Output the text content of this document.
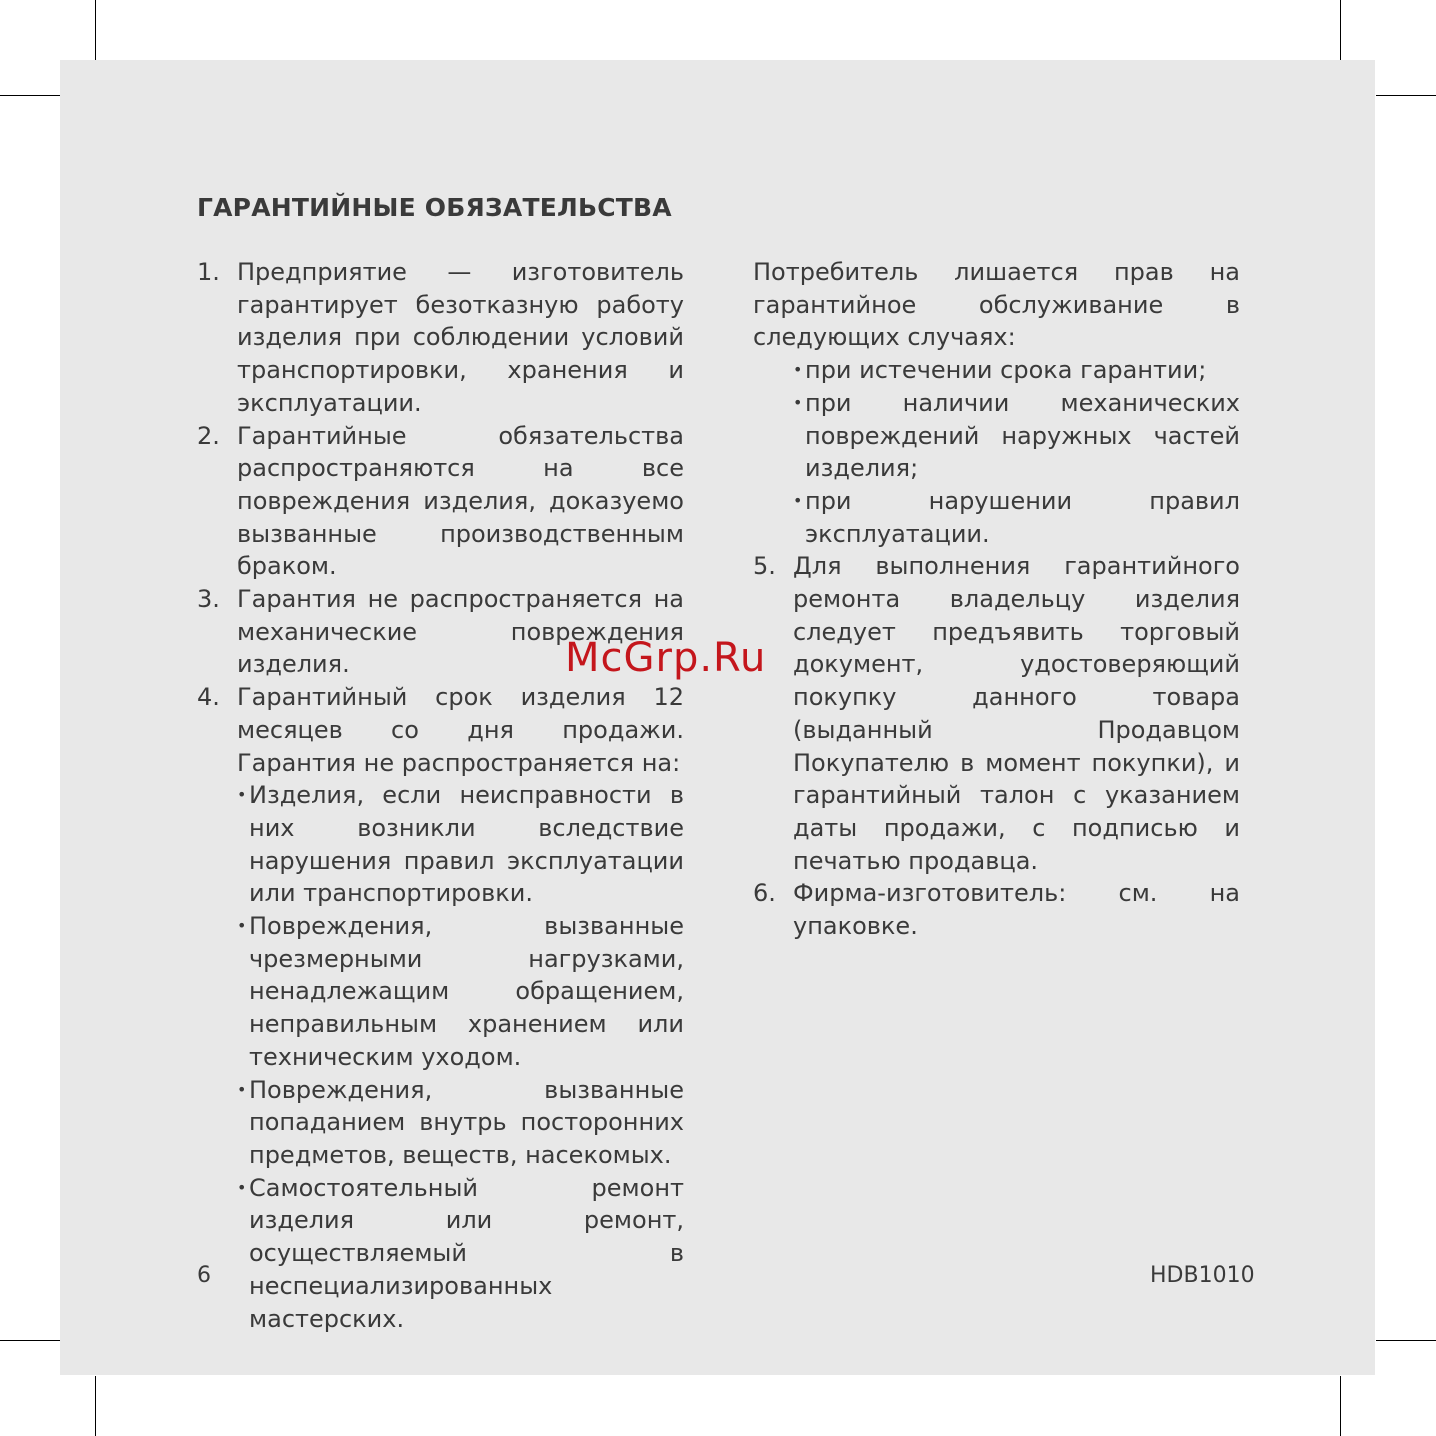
ГАРАНТИЙНЫЕ ОБЯЗАТЕЛЬСТВА
1. Предприятие — изготовитель гарантирует безотказную работу изделия при соблюдении условий транспортировки, хранения и эксплуатации.
2. Гарантийные обязательства распространяются на все повреждения изделия, доказуемо вызванные производственным браком.
3. Гарантия не распространяется на механические повреждения изделия.
4. Гарантийный срок изделия 12 месяцев со дня продажи. Гарантия не распространяется на:
• Изделия, если неисправности в них возникли вследствие нарушения правил эксплуатации или транспортировки.
• Повреждения, вызванные чрезмерными нагрузками, ненадлежащим обращением, неправильным хранением или техническим уходом.
• Повреждения, вызванные попаданием внутрь посторонних предметов, веществ, насекомых.
• Самостоятельный ремонт изделия или ремонт, осуществляемый в неспециализированных мастерских.
Потребитель лишается прав на гарантийное обслуживание в следующих случаях:
• при истечении срока гарантии;
• при наличии механических повреждений наружных частей изделия;
• при нарушении правил эксплуатации.
5. Для выполнения гарантийного ремонта владельцу изделия следует предъявить торговый документ, удостоверяющий покупку данного товара (выданный Продавцом Покупателю в момент покупки), и гарантийный талон с указанием даты продажи, с подписью и печатью продавца.
6. Фирма-изготовитель: см. на упаковке.
6	HDB1010
McGrp.Ru
